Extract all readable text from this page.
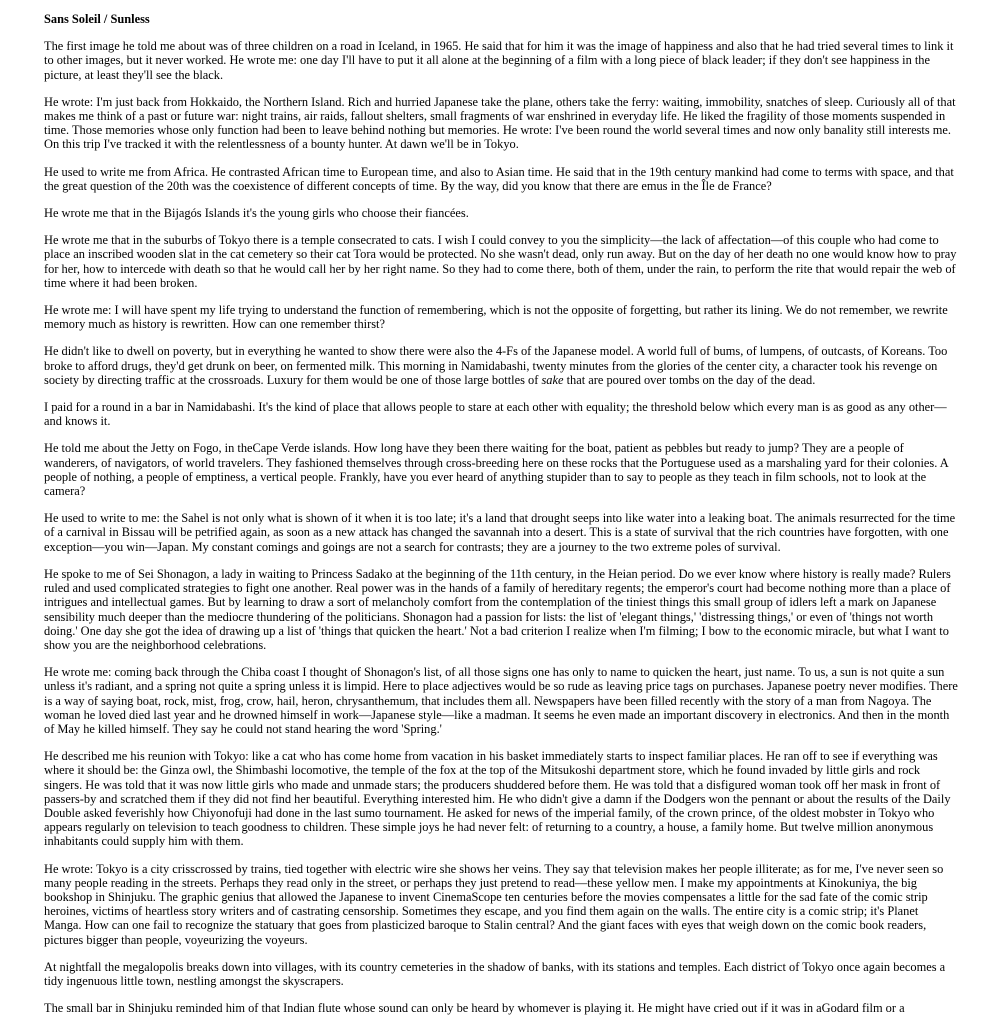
Sans Soleil / Sunless

The first image he told me about was of three children on a road in Iceland, in 1965. He said that for him it was the image of happiness and also that he had tried several times to link it to other images, but it never worked. He wrote me: one day I'll have to put it all alone at the beginning of a film with a long piece of black leader; if they don't see happiness in the picture, at least they'll see the black.

He wrote: I'm just back from Hokkaido, the Northern Island. Rich and hurried Japanese take the plane, others take the ferry: waiting, immobility, snatches of sleep. Curiously all of that makes me think of a past or future war: night trains, air raids, fallout shelters, small fragments of war enshrined in everyday life. He liked the fragility of those moments suspended in time. Those memories whose only function had been to leave behind nothing but memories. He wrote: I've been round the world several times and now only banality still interests me. On this trip I've tracked it with the relentlessness of a bounty hunter. At dawn we'll be in Tokyo.

He used to write me from Africa. He contrasted African time to European time, and also to Asian time. He said that in the 19th century mankind had come to terms with space, and that the great question of the 20th was the coexistence of different concepts of time. By the way, did you know that there are emus in the Île de France?

He wrote me that in the Bijagós Islands it's the young girls who choose their fiancées.

He wrote me that in the suburbs of Tokyo there is a temple consecrated to cats. I wish I could convey to you the simplicity—the lack of affectation—of this couple who had come to place an inscribed wooden slat in the cat cemetery so their cat Tora would be protected. No she wasn't dead, only run away. But on the day of her death no one would know how to pray for her, how to intercede with death so that he would call her by her right name. So they had to come there, both of them, under the rain, to perform the rite that would repair the web of time where it had been broken.

He wrote me: I will have spent my life trying to understand the function of remembering, which is not the opposite of forgetting, but rather its lining. We do not remember, we rewrite memory much as history is rewritten. How can one remember thirst?

He didn't like to dwell on poverty, but in everything he wanted to show there were also the 4-Fs of the Japanese model. A world full of bums, of lumpens, of outcasts, of Koreans. Too broke to afford drugs, they'd get drunk on beer, on fermented milk. This morning in Namidabashi, twenty minutes from the glories of the center city, a character took his revenge on society by directing traffic at the crossroads. Luxury for them would be one of those large bottles of sake that are poured over tombs on the day of the dead.

I paid for a round in a bar in Namidabashi. It's the kind of place that allows people to stare at each other with equality; the threshold below which every man is as good as any other—and knows it.

He told me about the Jetty on Fogo, in theCape Verde islands. How long have they been there waiting for the boat, patient as pebbles but ready to jump? They are a people of wanderers, of navigators, of world travelers. They fashioned themselves through cross-breeding here on these rocks that the Portuguese used as a marshaling yard for their colonies. A people of nothing, a people of emptiness, a vertical people. Frankly, have you ever heard of anything stupider than to say to people as they teach in film schools, not to look at the camera?

He used to write to me: the Sahel is not only what is shown of it when it is too late; it's a land that drought seeps into like water into a leaking boat. The animals resurrected for the time of a carnival in Bissau will be petrified again, as soon as a new attack has changed the savannah into a desert. This is a state of survival that the rich countries have forgotten, with one exception—you win—Japan. My constant comings and goings are not a search for contrasts; they are a journey to the two extreme poles of survival.

He spoke to me of Sei Shonagon, a lady in waiting to Princess Sadako at the beginning of the 11th century, in the Heian period. Do we ever know where history is really made? Rulers ruled and used complicated strategies to fight one another. Real power was in the hands of a family of hereditary regents; the emperor's court had become nothing more than a place of intrigues and intellectual games. But by learning to draw a sort of melancholy comfort from the contemplation of the tiniest things this small group of idlers left a mark on Japanese sensibility much deeper than the mediocre thundering of the politicians. Shonagon had a passion for lists: the list of 'elegant things,' 'distressing things,' or even of 'things not worth doing.' One day she got the idea of drawing up a list of 'things that quicken the heart.' Not a bad criterion I realize when I'm filming; I bow to the economic miracle, but what I want to show you are the neighborhood celebrations.

He wrote me: coming back through the Chiba coast I thought of Shonagon's list, of all those signs one has only to name to quicken the heart, just name. To us, a sun is not quite a sun unless it's radiant, and a spring not quite a spring unless it is limpid. Here to place adjectives would be so rude as leaving price tags on purchases. Japanese poetry never modifies. There is a way of saying boat, rock, mist, frog, crow, hail, heron, chrysanthemum, that includes them all. Newspapers have been filled recently with the story of a man from Nagoya. The woman he loved died last year and he drowned himself in work—Japanese style—like a madman. It seems he even made an important discovery in electronics. And then in the month of May he killed himself. They say he could not stand hearing the word 'Spring.'

He described me his reunion with Tokyo: like a cat who has come home from vacation in his basket immediately starts to inspect familiar places. He ran off to see if everything was where it should be: the Ginza owl, the Shimbashi locomotive, the temple of the fox at the top of the Mitsukoshi department store, which he found invaded by little girls and rock singers. He was told that it was now little girls who made and unmade stars; the producers shuddered before them. He was told that a disfigured woman took off her mask in front of passers-by and scratched them if they did not find her beautiful. Everything interested him. He who didn't give a damn if the Dodgers won the pennant or about the results of the Daily Double asked feverishly how Chiyonofuji had done in the last sumo tournament. He asked for news of the imperial family, of the crown prince, of the oldest mobster in Tokyo who appears regularly on television to teach goodness to children. These simple joys he had never felt: of returning to a country, a house, a family home. But twelve million anonymous inhabitants could supply him with them.

He wrote: Tokyo is a city crisscrossed by trains, tied together with electric wire she shows her veins. They say that television makes her people illiterate; as for me, I've never seen so many people reading in the streets. Perhaps they read only in the street, or perhaps they just pretend to read—these yellow men. I make my appointments at Kinokuniya, the big bookshop in Shinjuku. The graphic genius that allowed the Japanese to invent CinemaScope ten centuries before the movies compensates a little for the sad fate of the comic strip heroines, victims of heartless story writers and of castrating censorship. Sometimes they escape, and you find them again on the walls. The entire city is a comic strip; it's Planet Manga. How can one fail to recognize the statuary that goes from plasticized baroque to Stalin central? And the giant faces with eyes that weigh down on the comic book readers, pictures bigger than people, voyeurizing the voyeurs.

At nightfall the megalopolis breaks down into villages, with its country cemeteries in the shadow of banks, with its stations and temples. Each district of Tokyo once again becomes a tidy ingenuous little town, nestling amongst the skyscrapers.

The small bar in Shinjuku reminded him of that Indian flute whose sound can only be heard by whomever is playing it. He might have cried out if it was in aGodard film or a
